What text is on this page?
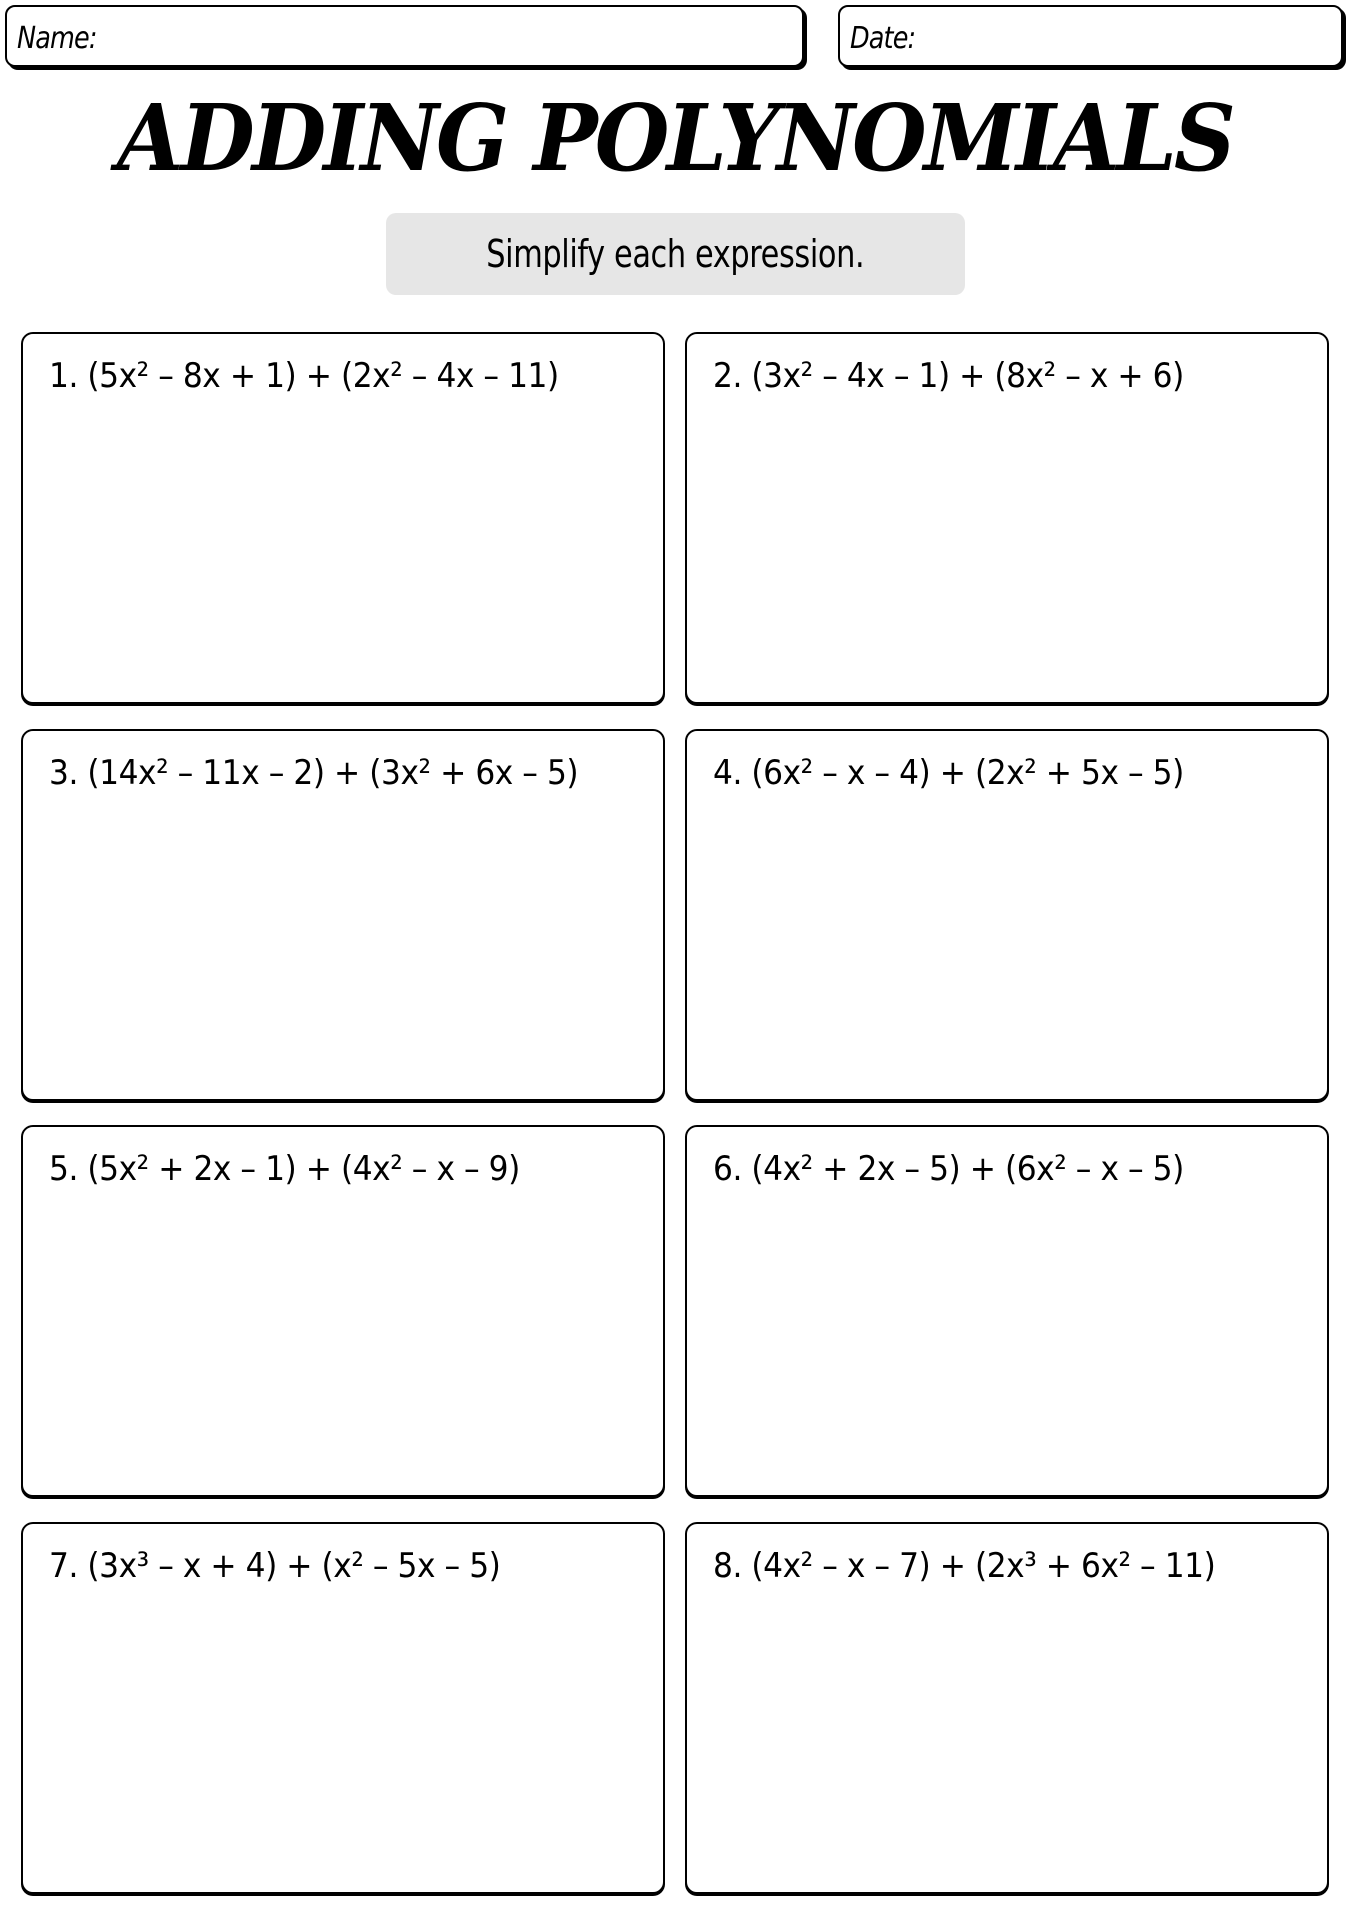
Name:	Date:
ADDING POLYNOMIALS
Simplify each expression.
1. (5x² – 8x + 1) + (2x² – 4x – 11)	2. (3x² – 4x – 1) + (8x² – x + 6)
3. (14x² – 11x – 2) + (3x² + 6x – 5)	4. (6x² – x – 4) + (2x² + 5x – 5)
5. (5x² + 2x – 1) + (4x² – x – 9)	6. (4x² + 2x – 5) + (6x² – x – 5)
7. (3x³ – x + 4) + (x² – 5x – 5)	8. (4x² – x – 7) + (2x³ + 6x² – 11)
